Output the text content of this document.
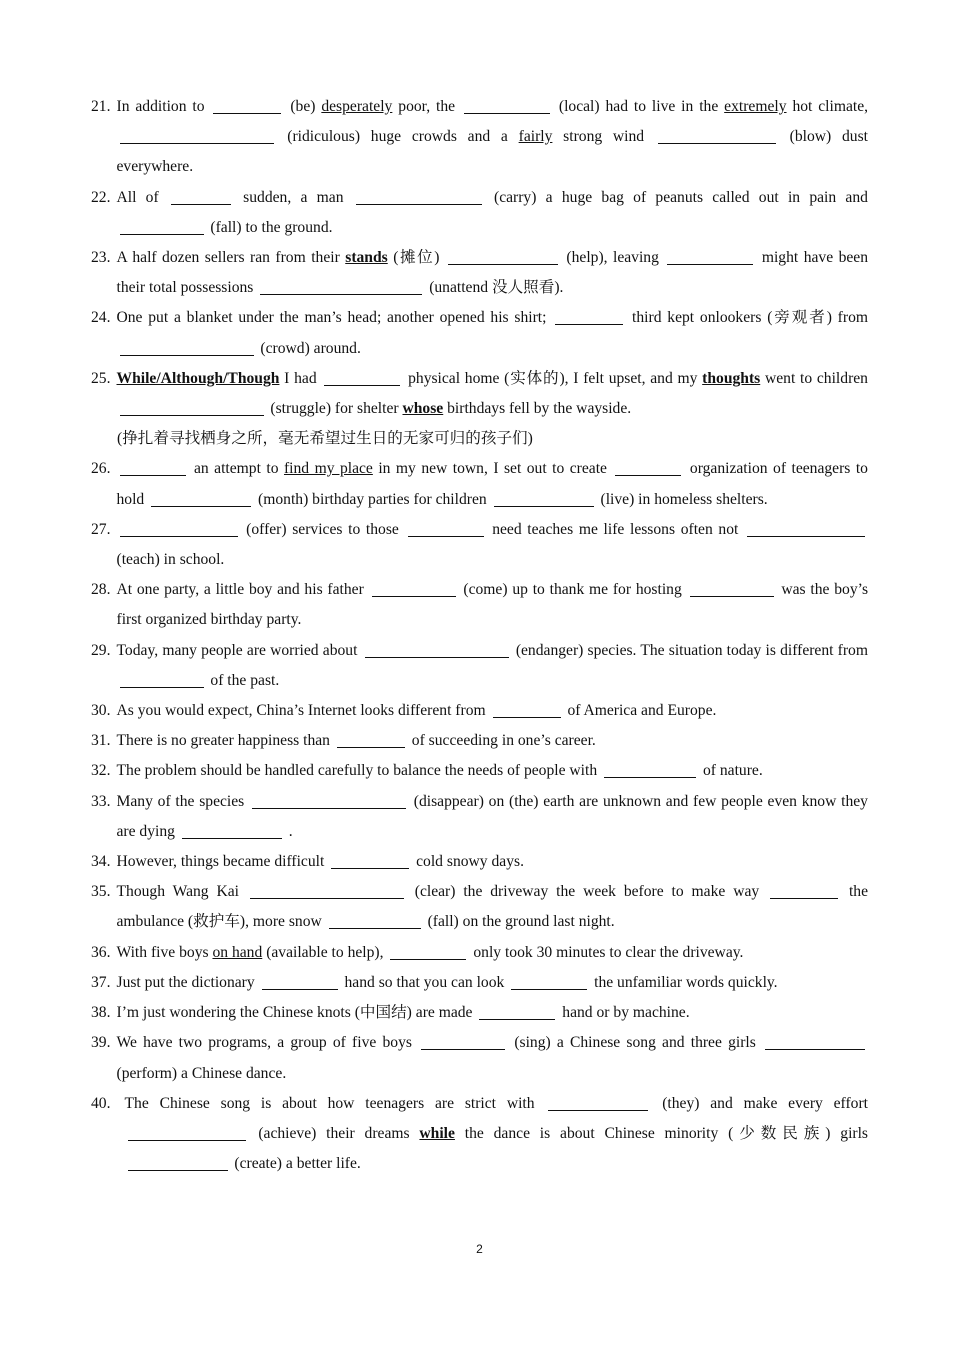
21. In addition to	(be) desperately poor, the	(local) had to live in the extremely hot climate,  (ridiculous) huge crowds and a fairly strong wind	(blow) dust everywhere.
22. All of	sudden, a man	(carry) a huge bag of peanuts called out in pain and  (fall) to the ground.
23. A half dozen sellers ran from their stands (摊位)	(help), leaving	might have been their total possessions	(unattend 没人照看).
24. One put a blanket under the man’s head; another opened his shirt;	third kept onlookers (旁观者) from  (crowd) around.
25. While/Although/Though I had	physical home (实体的), I felt upset, and my thoughts went to children  (struggle) for shelter whose birthdays fell by the wayside.
(挣扎着寻找栖身之所，毫无希望过生日的无家可归的孩子们)
26.	an attempt to find my place in my new town, I set out to create	organization of teenagers to hold	(month) birthday parties for children	(live) in homeless shelters.
27.	(offer) services to those	need teaches me life lessons often not  (teach) in school.
28. At one party, a little boy and his father	(come) up to thank me for hosting	was the boy’s first organized birthday party.
29. Today, many people are worried about	(endanger) species. The situation today is different from  of the past.
30. As you would expect, China’s Internet looks different from	of America and Europe.
31. There is no greater happiness than	of succeeding in one’s career.
32. The problem should be handled carefully to balance the needs of people with	of nature.
33. Many of the species	(disappear) on (the) earth are unknown and few people even know they are dying	.
34. However, things became difficult	cold snowy days.
35. Though Wang Kai	(clear) the driveway the week before to make way	the ambulance (救护车), more snow	(fall) on the ground last night.
36. With five boys on hand (available to help),	only took 30 minutes to clear the driveway.
37. Just put the dictionary	hand so that you can look	the unfamiliar words quickly.
38. I’m just wondering the Chinese knots (中国结) are made	hand or by machine.
39. We have two programs, a group of five boys	(sing) a Chinese song and three girls  (perform) a Chinese dance.
40. The Chinese song is about how teenagers are strict with	(they) and make every effort  (achieve) their dreams while the dance is about Chinese minority (少数民族) girls  (create) a better life.
2
